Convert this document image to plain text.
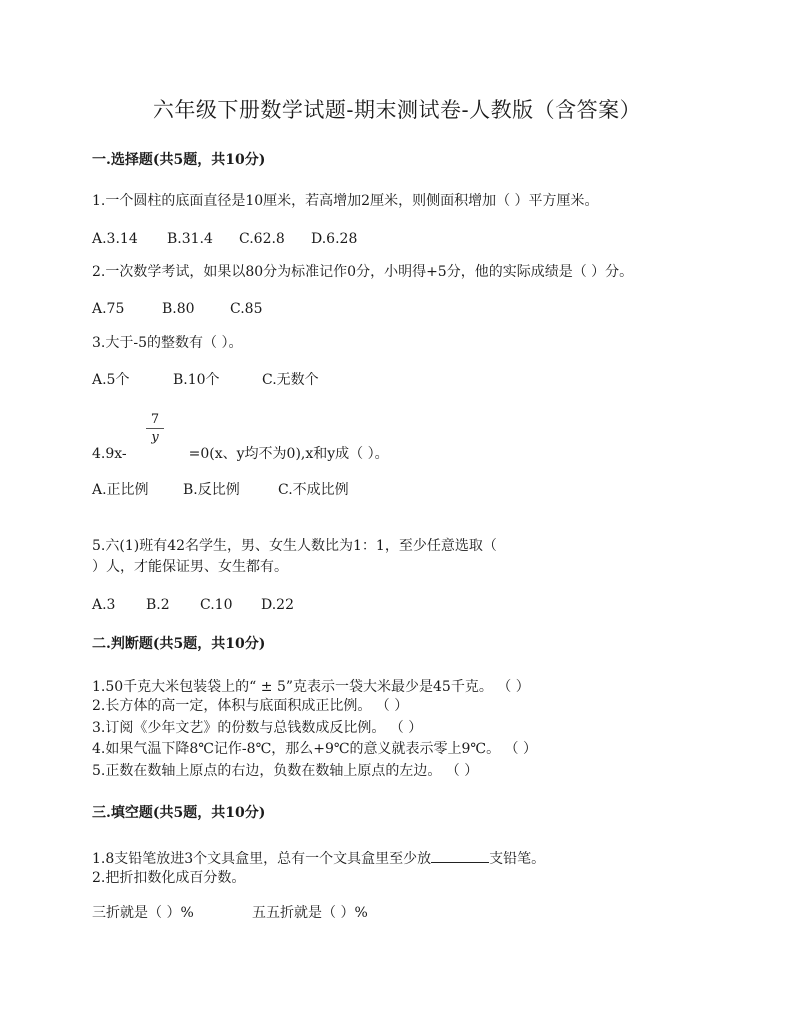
六年级下册数学试题-期末测试卷-人教版（含答案）
一.选择题(共5题，共10分)
1.一个圆柱的底面直径是10厘米，若高增加2厘米，则侧面积增加（ ）平方厘米。
A.3.14 B.31.4 C.62.8 D.6.28
2.一次数学考试，如果以80分为标准记作0分，小明得+5分，他的实际成绩是（ ）分。
A.75	B.80	C.85
3.大于-5的整数有（ ）。
A.5个	B.10个	C.无数个
7
y
4.9x-	=0(x、y均不为0),x和y成（ ）。
A.正比例 B.反比例	C.不成比例
5.六(1)班有42名学生，男、女生人数比为1：1，至少任意选取（
）人，才能保证男、女生都有。
A.3 B.2 C.10 D.22
二.判断题(共5题，共10分)
1.50千克大米包装袋上的“ ± 5”克表示一袋大米最少是45千克。 （ ）
2.长方体的高一定，体积与底面积成正比例。 （ ）
3.订阅《少年文艺》的份数与总钱数成反比例。 （ ）
4.如果气温下降8℃记作-8℃，那么+9℃的意义就表示零上9℃。 （ ）
5.正数在数轴上原点的右边，负数在数轴上原点的左边。 （ ）
三.填空题(共5题，共10分)
1.8支铅笔放进3个文具盒里，总有一个文具盒里至少放	支铅笔。
2.把折扣数化成百分数。
三折就是（ ）%	五五折就是（ ）%
